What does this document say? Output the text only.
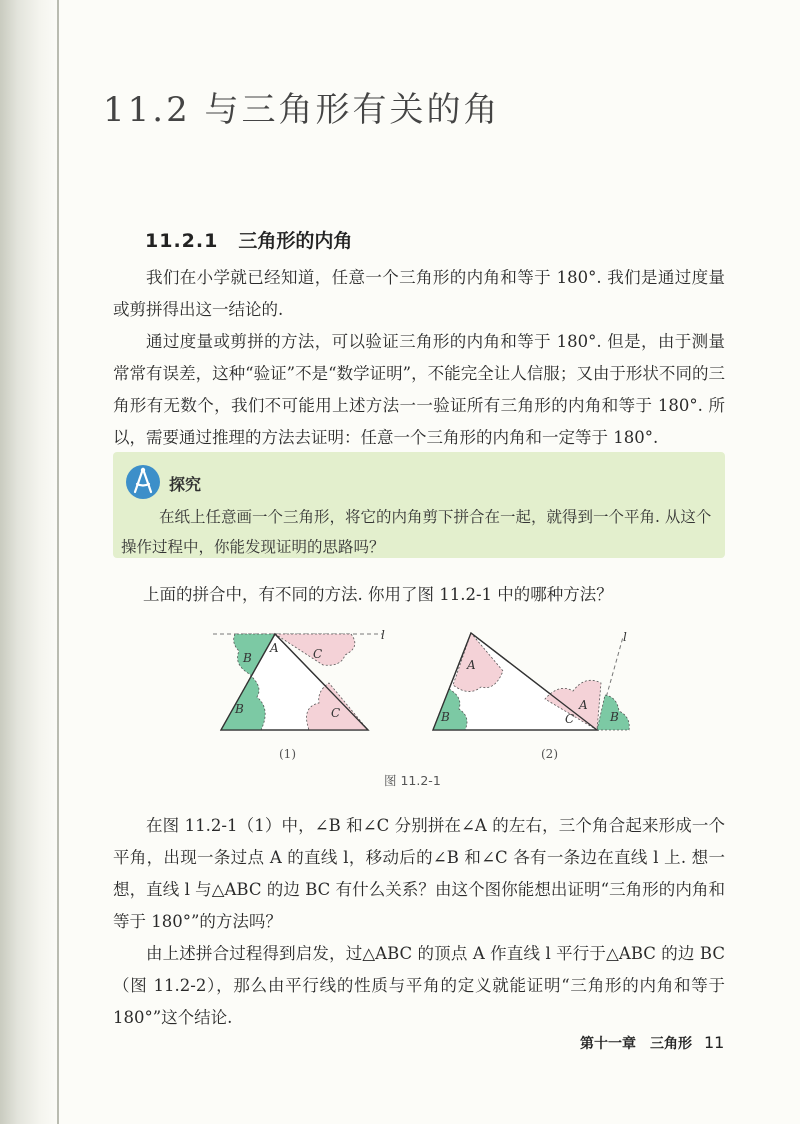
11.2 与三角形有关的角
11.2.1 三角形的内角

我们在小学就已经知道，任意一个三角形的内角和等于 180°. 我们是通过度量或剪拼得出这一结论的.

通过度量或剪拼的方法，可以验证三角形的内角和等于 180°. 但是，由于测量常常有误差，这种“验证”不是“数学证明”，不能完全让人信服；又由于形状不同的三角形有无数个，我们不可能用上述方法一一验证所有三角形的内角和等于 180°. 所以，需要通过推理的方法去证明：任意一个三角形的内角和一定等于 180°.

探究

在纸上任意画一个三角形，将它的内角剪下拼合在一起，就得到一个平角. 从这个操作过程中，你能发现证明的思路吗？

上面的拼合中，有不同的方法. 你用了图 11.2-1 中的哪种方法？

B
A	C
B	C
l
A
B	C
A
B
l
(1)	(2)
图 11.2-1

在图 11.2-1（1）中，∠B 和∠C 分别拼在∠A 的左右，三个角合起来形成一个平角，出现一条过点 A 的直线 l，移动后的∠B 和∠C 各有一条边在直线 l 上. 想一想，直线 l 与△ABC 的边 BC 有什么关系？由这个图你能想出证明“三角形的内角和等于 180°”的方法吗？

由上述拼合过程得到启发，过△ABC 的顶点 A 作直线 l 平行于△ABC 的边 BC（图 11.2-2），那么由平行线的性质与平角的定义就能证明“三角形的内角和等于 180°”这个结论.

第十一章　三角形 11
